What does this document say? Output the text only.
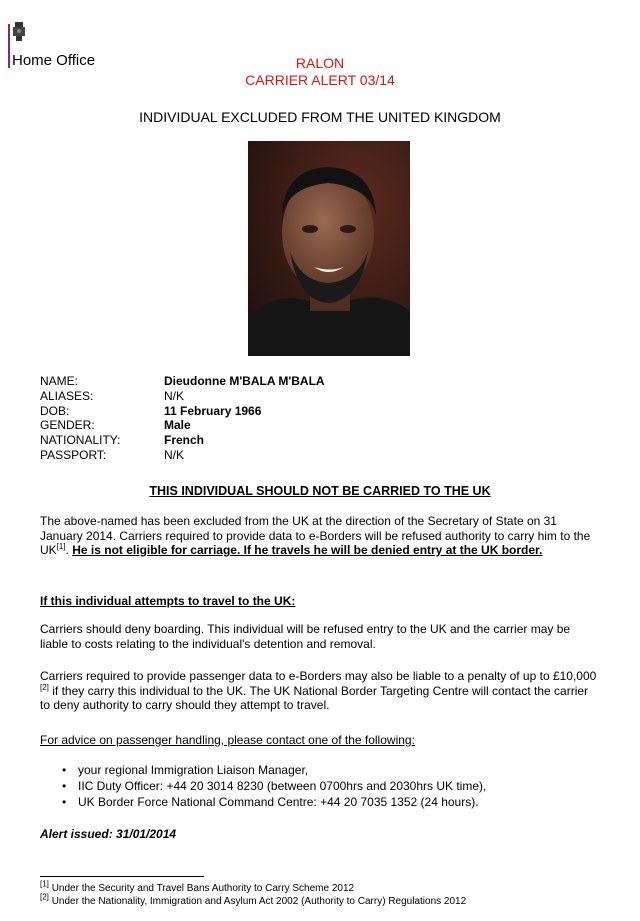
Home Office	RALON
CARRIER ALERT 03/14
INDIVIDUAL EXCLUDED FROM THE UNITED KINGDOM
NAME:	Dieudonne M'BALA M'BALA
ALIASES:	N/K
DOB:	11 February 1966
GENDER:	Male
NATIONALITY:	French
PASSPORT:	N/K
THIS INDIVIDUAL SHOULD NOT BE CARRIED TO THE UK
The above-named has been excluded from the UK at the direction of the Secretary of State on 31 January 2014. Carriers required to provide data to e-Borders will be refused authority to carry him to the UK[1]. He is not eligible for carriage. If he travels he will be denied entry at the UK border.
If this individual attempts to travel to the UK:
Carriers should deny boarding. This individual will be refused entry to the UK and the carrier may be liable to costs relating to the individual's detention and removal.
Carriers required to provide passenger data to e-Borders may also be liable to a penalty of up to £10,000 [2] if they carry this individual to the UK. The UK National Border Targeting Centre will contact the carrier to deny authority to carry should they attempt to travel.
For advice on passenger handling, please contact one of the following:
• your regional Immigration Liaison Manager,
• IIC Duty Officer: +44 20 3014 8230 (between 0700hrs and 2030hrs UK time),
• UK Border Force National Command Centre: +44 20 7035 1352 (24 hours).
Alert issued: 31/01/2014
[1] Under the Security and Travel Bans Authority to Carry Scheme 2012
[2] Under the Nationality, Immigration and Asylum Act 2002 (Authority to Carry) Regulations 2012
